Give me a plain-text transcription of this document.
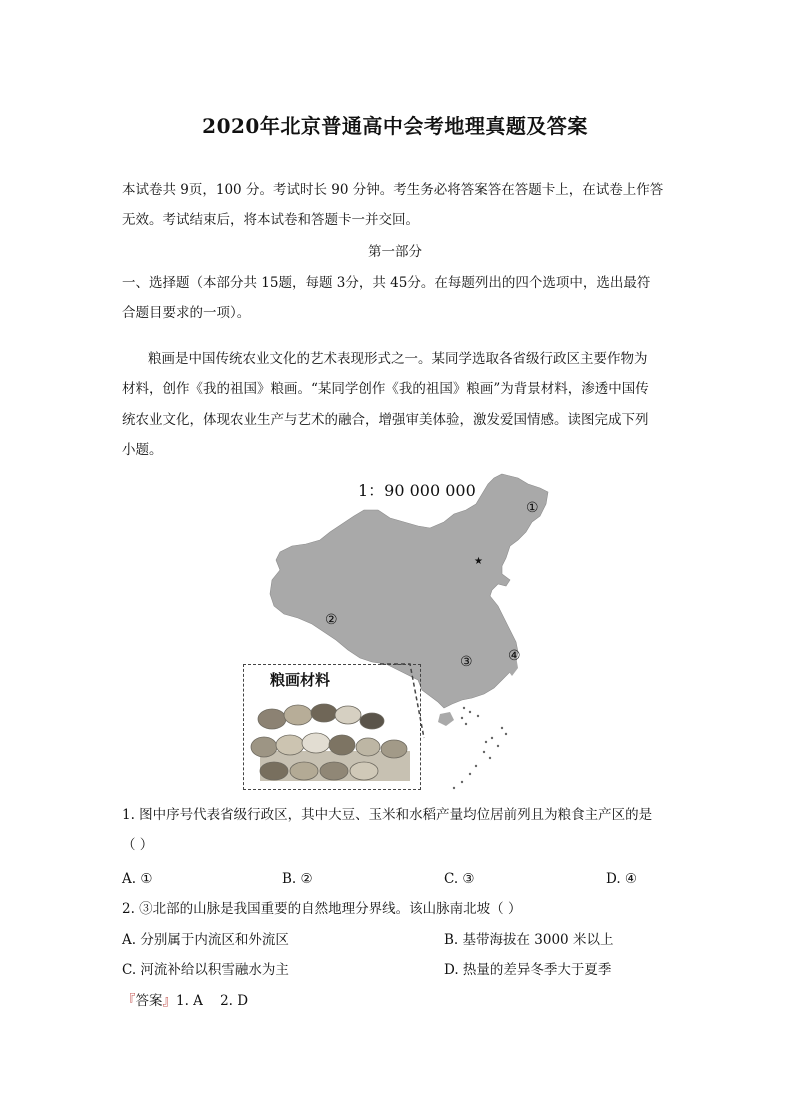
2020年北京普通高中会考地理真题及答案
本试卷共 9页，100 分。考试时长 90 分钟。考生务必将答案答在答题卡上，在试卷上作答
无效。考试结束后，将本试卷和答题卡一并交回。
第一部分
一、选择题（本部分共 15题，每题 3分，共 45分。在每题列出的四个选项中，选出最符
合题目要求的一项）。
粮画是中国传统农业文化的艺术表现形式之一。某同学选取各省级行政区主要作物为
材料，创作《我的祖国》粮画。“某同学创作《我的祖国》粮画”为背景材料，渗透中国传
统农业文化，体现农业生产与艺术的融合，增强审美体验，激发爱国情感。读图完成下列
小题。
★
1：90 000 000
①
②
③	④
粮画材料
1. 图中序号代表省级行政区，其中大豆、玉米和水稻产量均位居前列且为粮食主产区的是
（ ）
A. ①	B. ②	C. ③	D. ④
2. ③北部的山脉是我国重要的自然地理分界线。该山脉南北坡（ ）
A. 分别属于内流区和外流区	B. 基带海拔在 3000 米以上
C. 河流补给以积雪融水为主	D. 热量的差异冬季大于夏季
『答案』1. A    2. D
